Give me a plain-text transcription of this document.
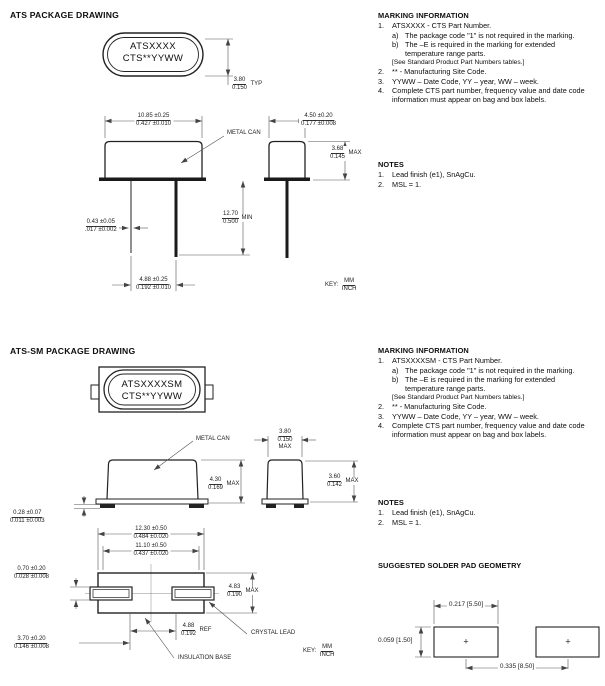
ATS PACKAGE DRAWING
ATSXXXX
CTS**YYWW
3.80
0.150
TYP
10.85 ±0.25
0.427 ±0.010
METAL CAN
4.50 ±0.20
0.177 ±0.008
3.68
0.145
MAX
12.70
0.500
MIN
0.43 ±0.05
.017 ±0.002
4.88 ±0.25
0.192 ±0.010
KEY:
MM
INCH
MARKING INFORMATION
1.	ATSXXXX - CTS Part Number.
a) The package code "1" is not required in the marking.
b) The –E is required in the marking for extended temperature range parts.
[See Standard Product Part Numbers tables.]
2.	** - Manufacturing Site Code.
3.	YYWW – Date Code, YY – year, WW – week.
4.	Complete CTS part number, frequency value and date code information must appear on bag and box labels.
NOTES
1.	Lead finish (e1), SnAgCu.
2.	MSL = 1.
ATS-SM PACKAGE DRAWING
ATSXXXXSM
CTS**YYWW
METAL CAN
3.80
0.150
MAX
4.30
0.169
MAX
3.60
0.142
MAX
0.28 ±0.07
0.011 ±0.003
12.30 ±0.50
0.484 ±0.020
11.10 ±0.50
0.437 ±0.020
0.70 ±0.20
0.028 ±0.008
4.83
0.190
MAX
3.70 ±0.20
0.146 ±0.008
4.88
0.192
REF	CRYSTAL LEAD
INSULATION BASE
KEY:
MM
INCH
MARKING INFORMATION
1.	ATSXXXXSM - CTS Part Number.
a) The package code "1" is not required in the marking.
b) The –E is required in the marking for extended temperature range parts.
[See Standard Product Part Numbers tables.]
2.	** - Manufacturing Site Code.
3.	YYWW – Date Code, YY – year, WW – week.
4.	Complete CTS part number, frequency value and date code information must appear on bag and box labels.
NOTES
1.	Lead finish (e1), SnAgCu.
2.	MSL = 1.
SUGGESTED SOLDER PAD GEOMETRY
0.217 [5.50]
0.059 [1.50]
0.335 [8.50]
+	+
